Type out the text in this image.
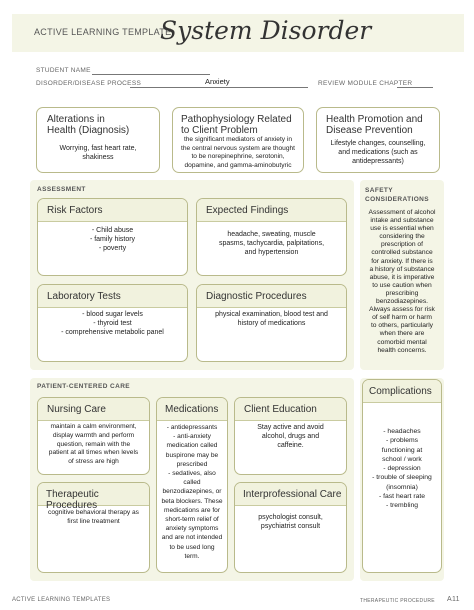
ACTIVE LEARNING TEMPLATE:
System Disorder
STUDENT NAME
DISORDER/DISEASE PROCESS	Anxiety	REVIEW MODULE CHAPTER
Alterations in
Health (Diagnosis)
Worrying, fast heart rate,
shakiness
Pathophysiology Related
to Client Problem
the significant mediators of anxiety in
the central nervous system are thought
to be norepinephrine, serotonin,
dopamine, and gamma-aminobutyric
Health Promotion and
Disease Prevention
Lifestyle changes, counselling,
and medications (such as
antidepressants)
ASSESSMENT
Risk Factors
- Child abuse
- family history
- poverty
Expected Findings
headache, sweating, muscle
spasms, tachycardia, palpitations,
and hypertension
Laboratory Tests
- blood sugar levels
- thyroid test
- comprehensive metabolic panel
Diagnostic Procedures
physical examination, blood test and
history of medications
SAFETY
CONSIDERATIONS
Assessment of alcohol
intake and substance
use is essential when
considering the
prescription of
controlled substance
for anxiety. If there is
a history of substance
abuse, it is imperative
to use caution when
prescribing
benzodiazepines.
Always assess for risk
of self harm or harm
to others, particularly
when there are
comorbid mental
health concerns.
PATIENT-CENTERED CARE
Nursing Care
maintain a calm environment,
display warmth and perform
question, remain with the
patient at all times when levels
of stress are high
Medications
- antidepressants
- anti-anxiety
medication called
buspirone may be
prescribed
- sedatives, also
called
benzodiazepines, or
beta blockers. These
medications are for
short-term relief of
anxiety symptoms
and are not intended
to be used long
term.
Client Education
Stay active and avoid
alcohol, drugs and
caffeine.
Therapeutic Procedures
cognitive behavioral therapy as
first line treatment
Interprofessional Care
psychologist consult,
psychiatrist consult
Complications
- headaches
- problems
functioning at
school / work
- depression
- trouble of sleeping
(insomnia)
- fast heart rate
- trembling
ACTIVE LEARNING TEMPLATES	THERAPEUTIC PROCEDURE A11
